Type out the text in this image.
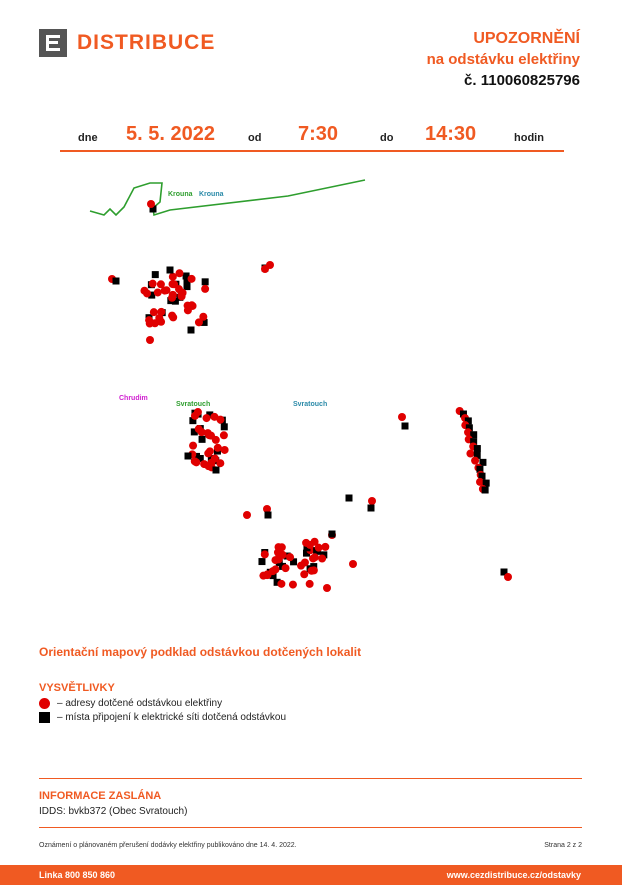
DISTRIBUCE	UPOZORNĚNÍ
na odstávku elektřiny
č. 110060825796
dne 5. 5. 2022	od 7:30	do 14:30	hodin
Krouna Krouna
Chrudim
Svratouch	Svratouch
Orientační mapový podklad odstávkou dotčených lokalit
VYSVĚTLIVKY
– adresy dotčené odstávkou elektřiny
– místa připojení k elektrické síti dotčená odstávkou
INFORMACE ZASLÁNA
IDDS: bvkb372 (Obec Svratouch)
Oznámení o plánovaném přerušení dodávky elektřiny publikováno dne 14. 4. 2022.	Strana 2 z 2
Linka 800 850 860	www.cezdistribuce.cz/odstavky
